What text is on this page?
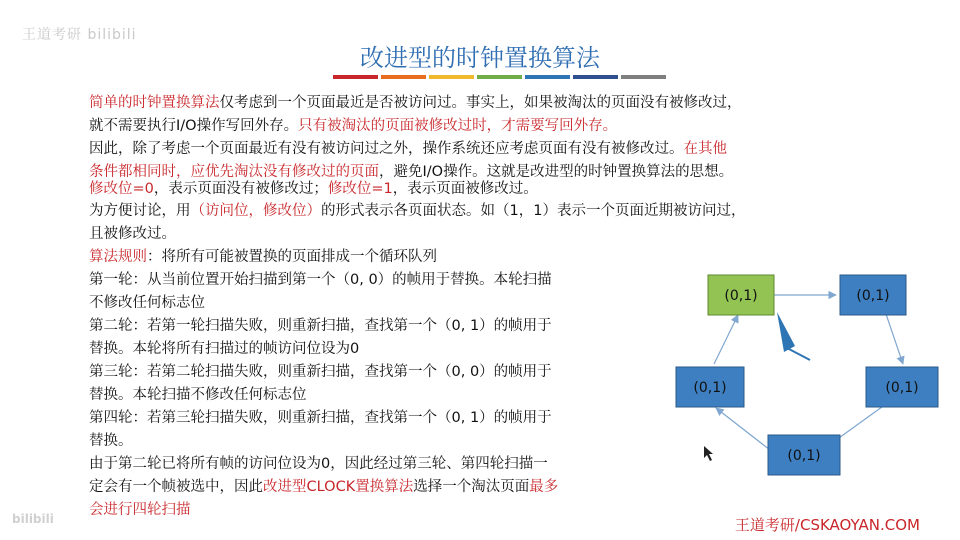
王道考研 bilibili
bilibili
改进型的时钟置换算法

简单的时钟置换算法仅考虑到一个页面最近是否被访问过。事实上，如果被淘汰的页面没有被修改过，
就不需要执行I/O操作写回外存。只有被淘汰的页面被修改过时，才需要写回外存。

因此，除了考虑一个页面最近有没有被访问过之外，操作系统还应考虑页面有没有被修改过。在其他
条件都相同时，应优先淘汰没有修改过的页面，避免I/O操作。这就是改进型的时钟置换算法的思想。

修改位=0，表示页面没有被修改过；修改位=1，表示页面被修改过。

为方便讨论，用（访问位，修改位）的形式表示各页面状态。如（1，1）表示一个页面近期被访问过，
且被修改过。

算法规则：将所有可能被置换的页面排成一个循环队列
第一轮：从当前位置开始扫描到第一个（0, 0）的帧用于替换。本轮扫描
不修改任何标志位
第二轮：若第一轮扫描失败，则重新扫描，查找第一个（0, 1）的帧用于
替换。本轮将所有扫描过的帧访问位设为0
第三轮：若第二轮扫描失败，则重新扫描，查找第一个（0, 0）的帧用于
替换。本轮扫描不修改任何标志位
第四轮：若第三轮扫描失败，则重新扫描，查找第一个（0, 1）的帧用于
替换。
由于第二轮已将所有帧的访问位设为0，因此经过第三轮、第四轮扫描一
定会有一个帧被选中，因此改进型CLOCK置换算法选择一个淘汰页面最多
会进行四轮扫描
(0,1)	(0,1)
(0,1)
(0,1)
(0,1)
王道考研/CSKAOYAN.COM
